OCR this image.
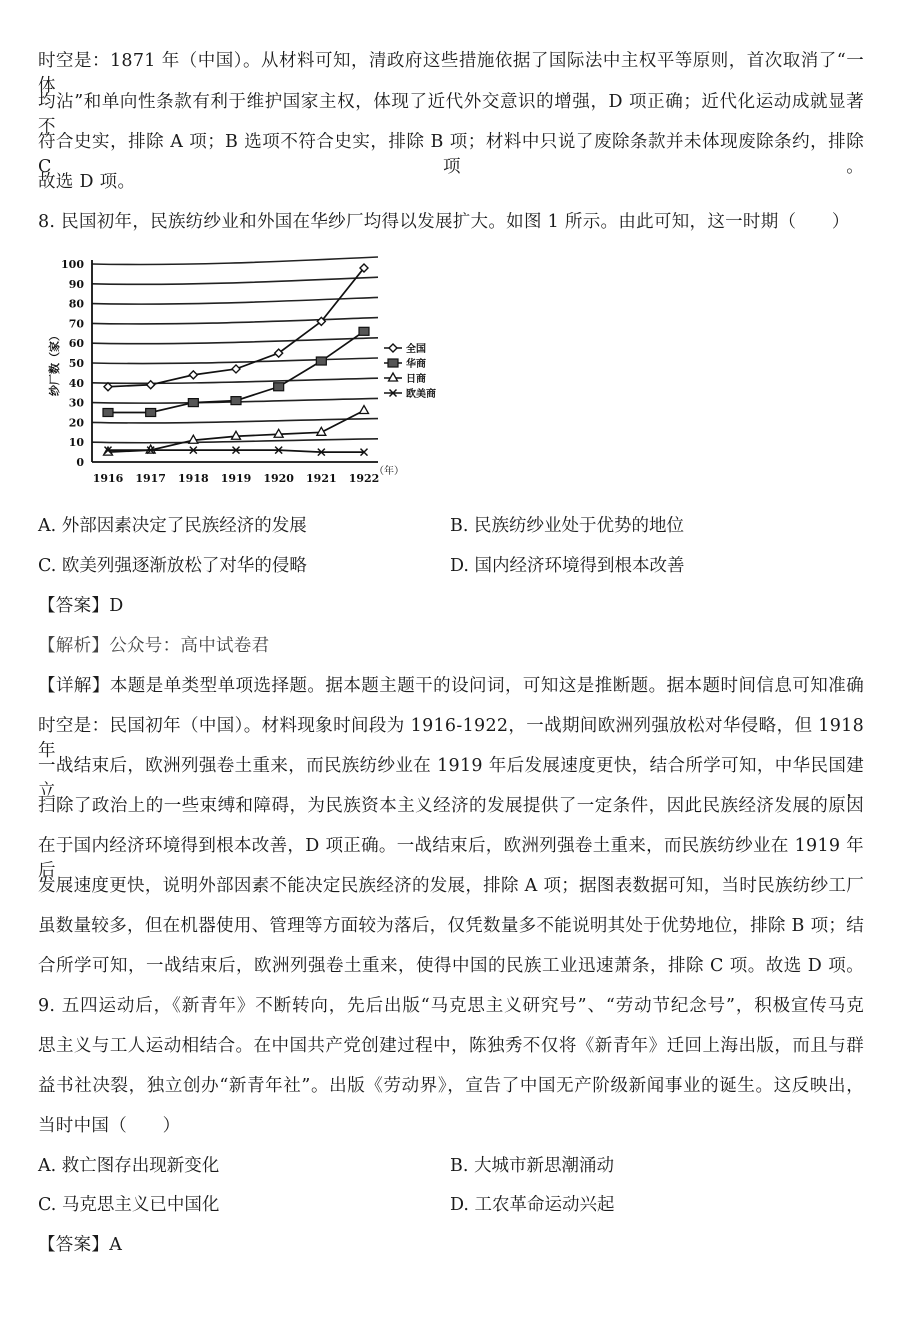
时空是：1871 年（中国）。从材料可知，清政府这些措施依据了国际法中主权平等原则，首次取消了“一体
均沾”和单向性条款有利于维护国家主权，体现了近代外交意识的增强，D 项正确；近代化运动成就显著不
符合史实，排除 A 项；B 选项不符合史实，排除 B 项；材料中只说了废除条款并未体现废除条约，排除 C 项。
故选 D 项。
8. 民国初年，民族纺纱业和外国在华纱厂均得以发展扩大。如图 1 所示。由此可知，这一时期（　　）
0
10
20
30
40
50
60
70
80
90
100
1916 1917 1918 1919 1920 1921 1922
（年）
纱厂数（家）	全国
华商
日商
欧美商
A. 外部因素决定了民族经济的发展	B. 民族纺纱业处于优势的地位
C. 欧美列强逐渐放松了对华的侵略	D. 国内经济环境得到根本改善
【答案】D
【解析】公众号：高中试卷君
【详解】本题是单类型单项选择题。据本题主题干的设问词，可知这是推断题。据本题时间信息可知准确
时空是：民国初年（中国）。材料现象时间段为 1916-1922，一战期间欧洲列强放松对华侵略，但 1918 年
一战结束后，欧洲列强卷土重来，而民族纺纱业在 1919 年后发展速度更快，结合所学可知，中华民国建立，
扫除了政治上的一些束缚和障碍，为民族资本主义经济的发展提供了一定条件，因此民族经济发展的原因
在于国内经济环境得到根本改善，D 项正确。一战结束后，欧洲列强卷土重来，而民族纺纱业在 1919 年后
发展速度更快，说明外部因素不能决定民族经济的发展，排除 A 项；据图表数据可知，当时民族纺纱工厂
虽数量较多，但在机器使用、管理等方面较为落后，仅凭数量多不能说明其处于优势地位，排除 B 项；结
合所学可知，一战结束后，欧洲列强卷土重来，使得中国的民族工业迅速萧条，排除 C 项。故选 D 项。
9. 五四运动后，《新青年》不断转向，先后出版“马克思主义研究号”、“劳动节纪念号”，积极宣传马克
思主义与工人运动相结合。在中国共产党创建过程中，陈独秀不仅将《新青年》迁回上海出版，而且与群
益书社决裂，独立创办“新青年社”。出版《劳动界》，宣告了中国无产阶级新闻事业的诞生。这反映出，
当时中国（　　）
A. 救亡图存出现新变化	B. 大城市新思潮涌动
C. 马克思主义已中国化	D. 工农革命运动兴起
【答案】A
